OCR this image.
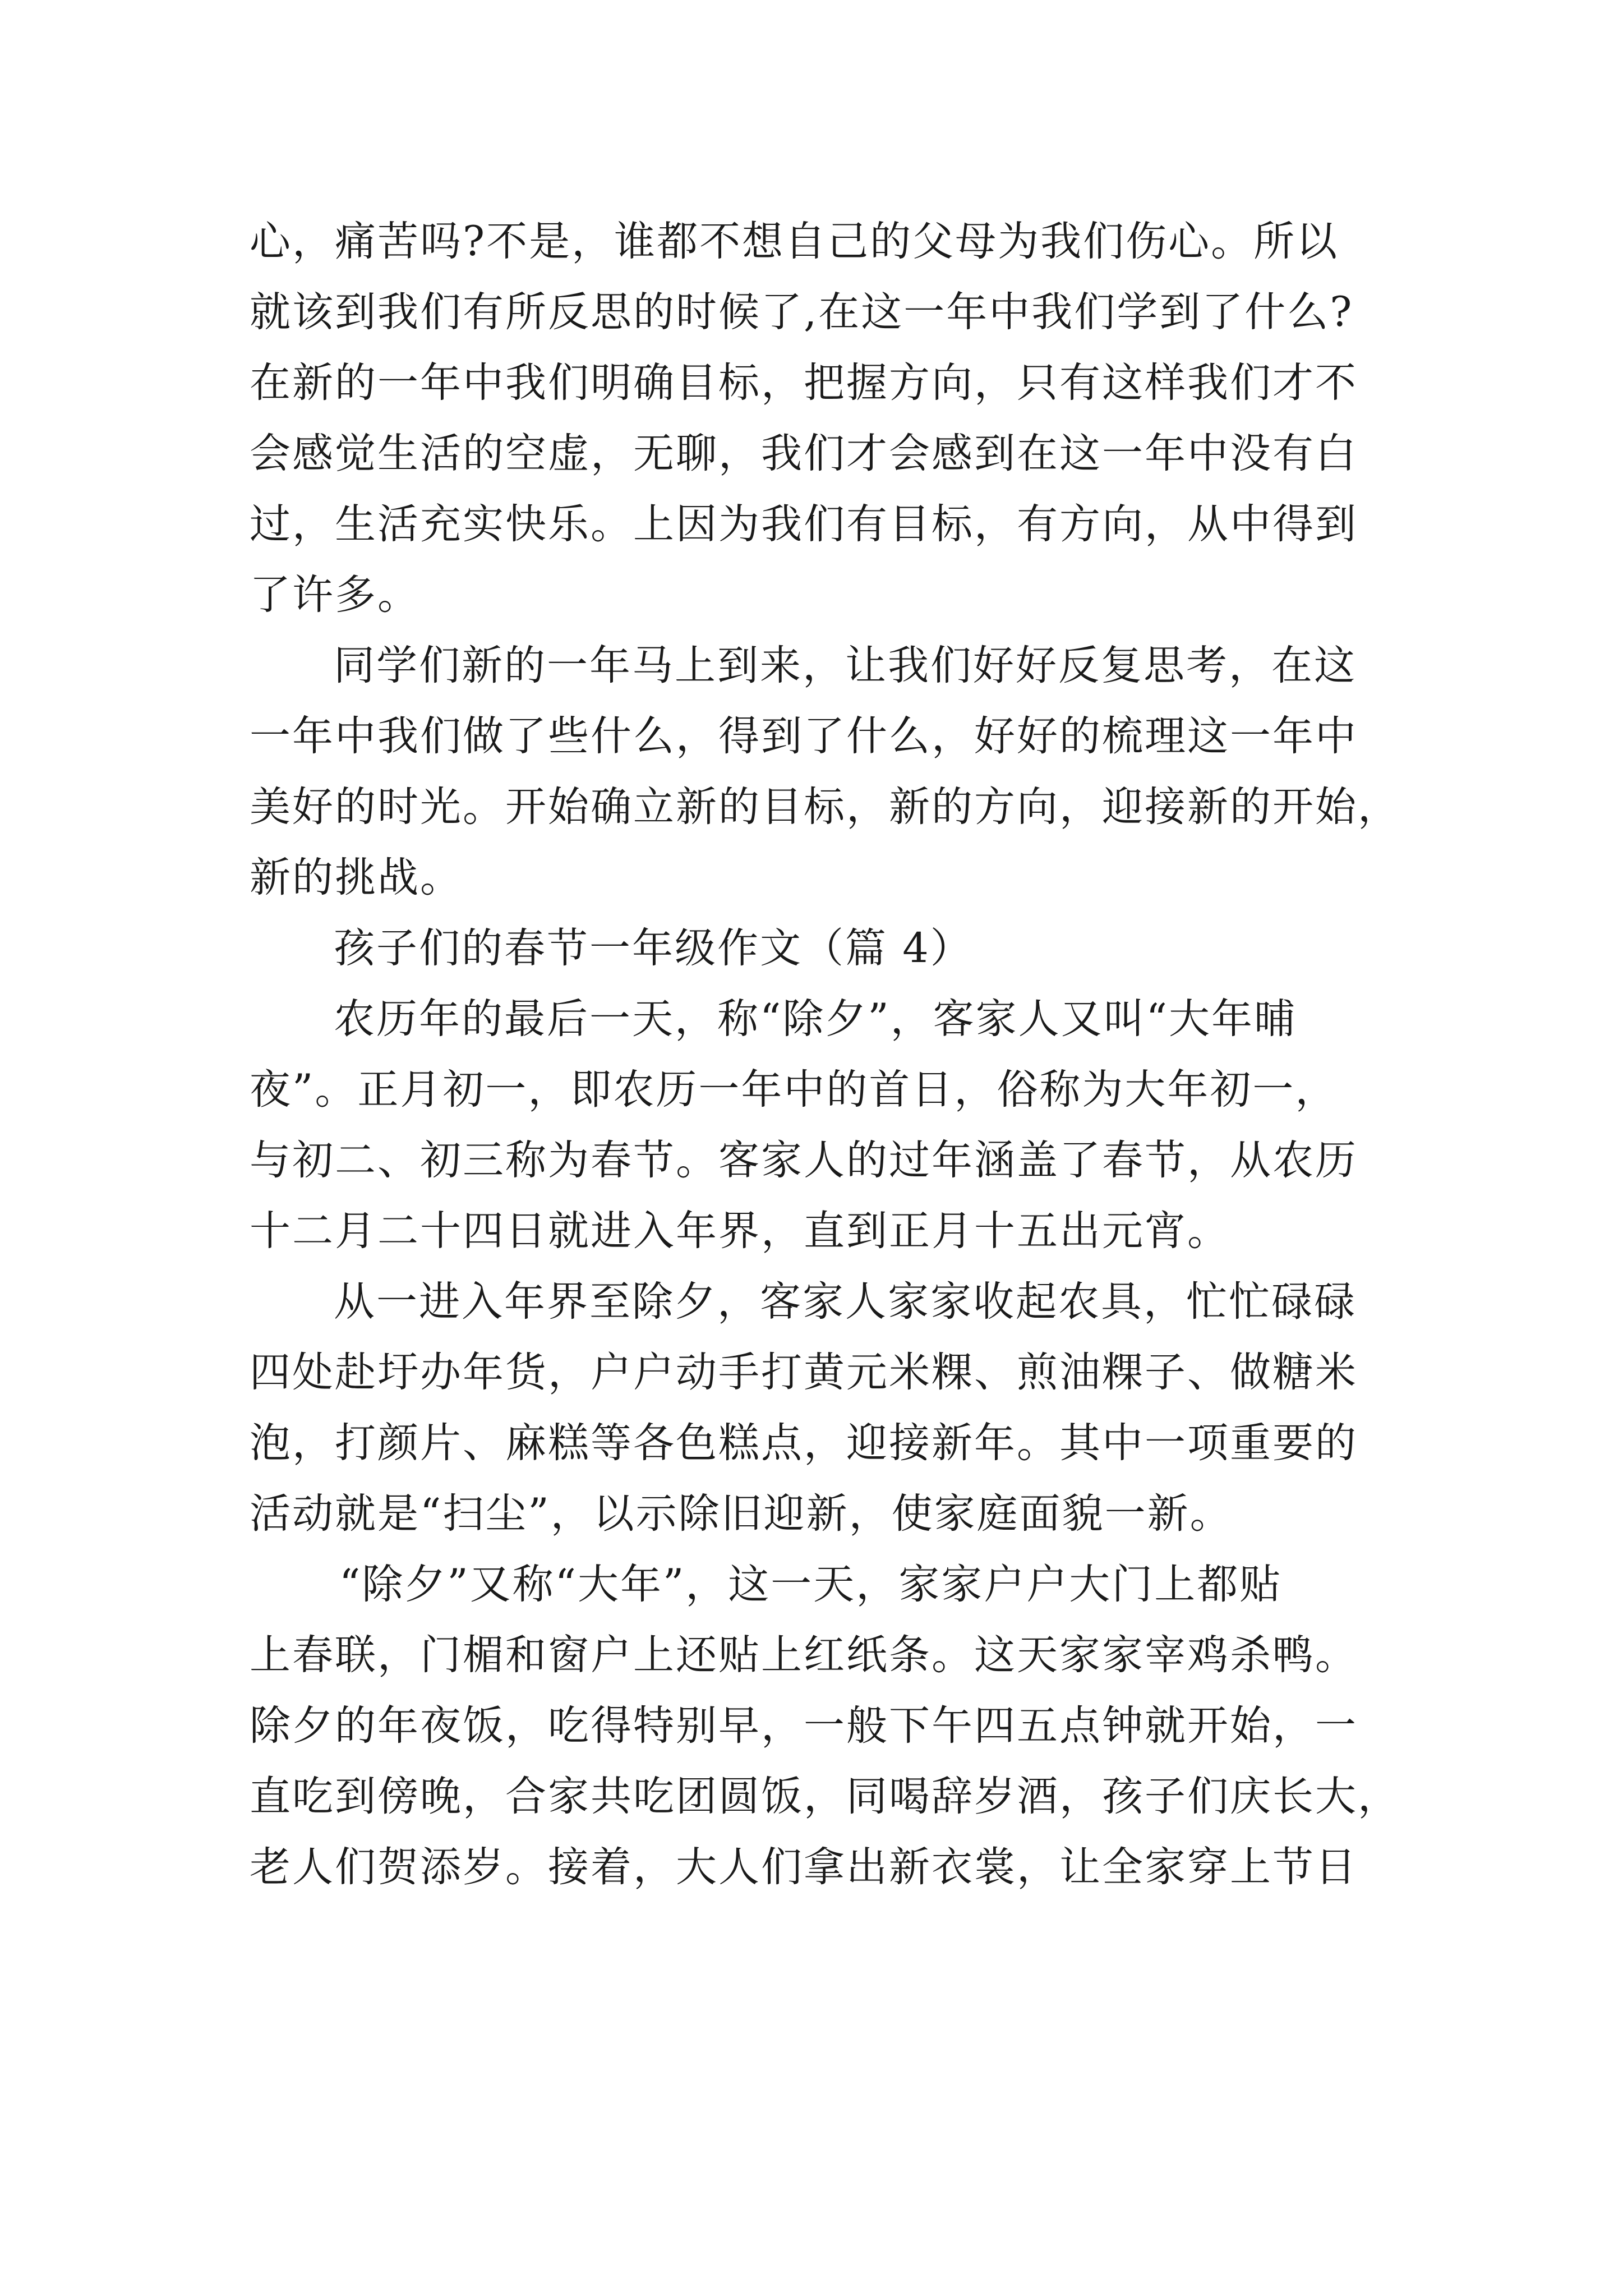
心，痛苦吗?不是，谁都不想自己的父母为我们伤心。所以
就该到我们有所反思的时候了,在这一年中我们学到了什么?
在新的一年中我们明确目标，把握方向，只有这样我们才不
会感觉生活的空虚，无聊，我们才会感到在这一年中没有白
过，生活充实快乐。上因为我们有目标，有方向，从中得到
了许多。
同学们新的一年马上到来，让我们好好反复思考，在这
一年中我们做了些什么，得到了什么，好好的梳理这一年中
美好的时光。开始确立新的目标，新的方向，迎接新的开始，
新的挑战。
孩子们的春节一年级作文（篇 4）
农历年的最后一天，称“除夕”，客家人又叫“大年晡
夜”。正月初一，即农历一年中的首日，俗称为大年初一，
与初二、初三称为春节。客家人的过年涵盖了春节，从农历
十二月二十四日就进入年界，直到正月十五出元宵。
从一进入年界至除夕，客家人家家收起农具，忙忙碌碌
四处赴圩办年货，户户动手打黄元米粿、煎油粿子、做糖米
泡，打颜片、麻糕等各色糕点，迎接新年。其中一项重要的
活动就是“扫尘”，以示除旧迎新，使家庭面貌一新。
“除夕”又称“大年”，这一天，家家户户大门上都贴
上春联，门楣和窗户上还贴上红纸条。这天家家宰鸡杀鸭。
除夕的年夜饭，吃得特别早，一般下午四五点钟就开始，一
直吃到傍晚，合家共吃团圆饭，同喝辞岁酒，孩子们庆长大，
老人们贺添岁。接着，大人们拿出新衣裳，让全家穿上节日
